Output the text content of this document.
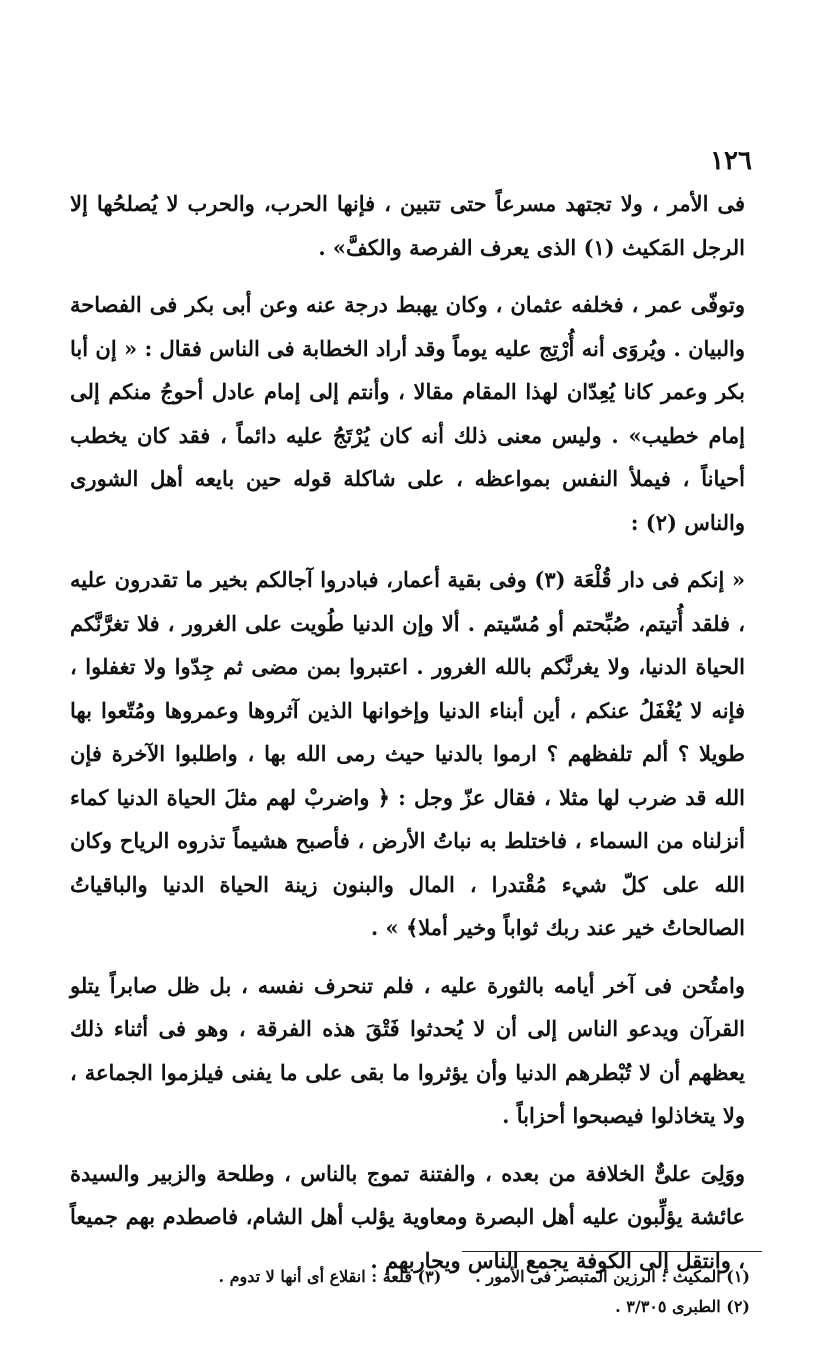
١٢٦

فى الأمر ، ولا تجتهد مسرعاً حتى تتبين ، فإنها الحرب، والحرب لا يُصلحُها إلا الرجل المَكيث (١) الذى يعرف الفرصة والكفَّ» .

وتوفّى عمر ، فخلفه عثمان ، وكان يهبط درجة عنه وعن أبى بكر فى الفصاحة والبيان . ويُروَى أنه أُرْتِج عليه يوماً وقد أراد الخطابة فى الناس فقال : « إن أبا بكر وعمر كانا يُعِدّان لهذا المقام مقالا ، وأنتم إلى إمام عادل أحوجُ منكم إلى إمام خطيب» . وليس معنى ذلك أنه كان يُرْتَجُ عليه دائماً ، فقد كان يخطب أحياناً ، فيملأ النفس بمواعظه ، على شاكلة قوله حين بايعه أهل الشورى والناس (٢) :

« إنكم فى دار قُلْعَة (٣) وفى بقية أعمار، فبادروا آجالكم بخير ما تقدرون عليه ، فلقد أُتيتم، صُبِّحتم أو مُسّيتم . ألا وإن الدنيا طُويت على الغرور ، فلا تغرَّنَّكم الحياة الدنيا، ولا يغرنَّكم بالله الغرور . اعتبروا بمن مضى ثم جِدّوا ولا تغفلوا ، فإنه لا يُغْفَلُ عنكم ، أين أبناء الدنيا وإخوانها الذين آثروها وعمروها ومُتّعوا بها طويلا ؟ ألم تلفظهم ؟ ارموا بالدنيا حيث رمى الله بها ، واطلبوا الآخرة فإن الله قد ضرب لها مثلا ، فقال عزّ وجل : ﴿ واضربْ لهم مثلَ الحياة الدنيا كماء أنزلناه من السماء ، فاختلط به نباتُ الأرض ، فأصبح هشيماً تذروه الرياح وكان الله على كلّ شيء مُقْتدرا ، المال والبنون زينة الحياة الدنيا والباقياتُ الصالحاتُ خير عند ربك ثواباً وخير أملا﴾ » .

وامتُحن فى آخر أيامه بالثورة عليه ، فلم تنحرف نفسه ، بل ظل صابراً يتلو القرآن ويدعو الناس إلى أن لا يُحدثوا فَتْقَ هذه الفرقة ، وهو فى أثناء ذلك يعظهم أن لا تُبْطرهم الدنيا وأن يؤثروا ما بقى على ما يفنى فيلزموا الجماعة ، ولا يتخاذلوا فيصبحوا أحزاباً .

ووَلِىَ علىٌّ الخلافة من بعده ، والفتنة تموج بالناس ، وطلحة والزبير والسيدة عائشة يؤلِّبون عليه أهل البصرة ومعاوية يؤلب أهل الشام، فاصطدم بهم جميعاً ، وانتقل إلى الكوفة يجمع الناس ويحاربهم .

(١) المكيث : الرزين المتبصر فى الأمور .
(٣) قلعة : انقلاع أى أنها لا تدوم .
(٢) الطبرى ٣/٣٠٥ .
